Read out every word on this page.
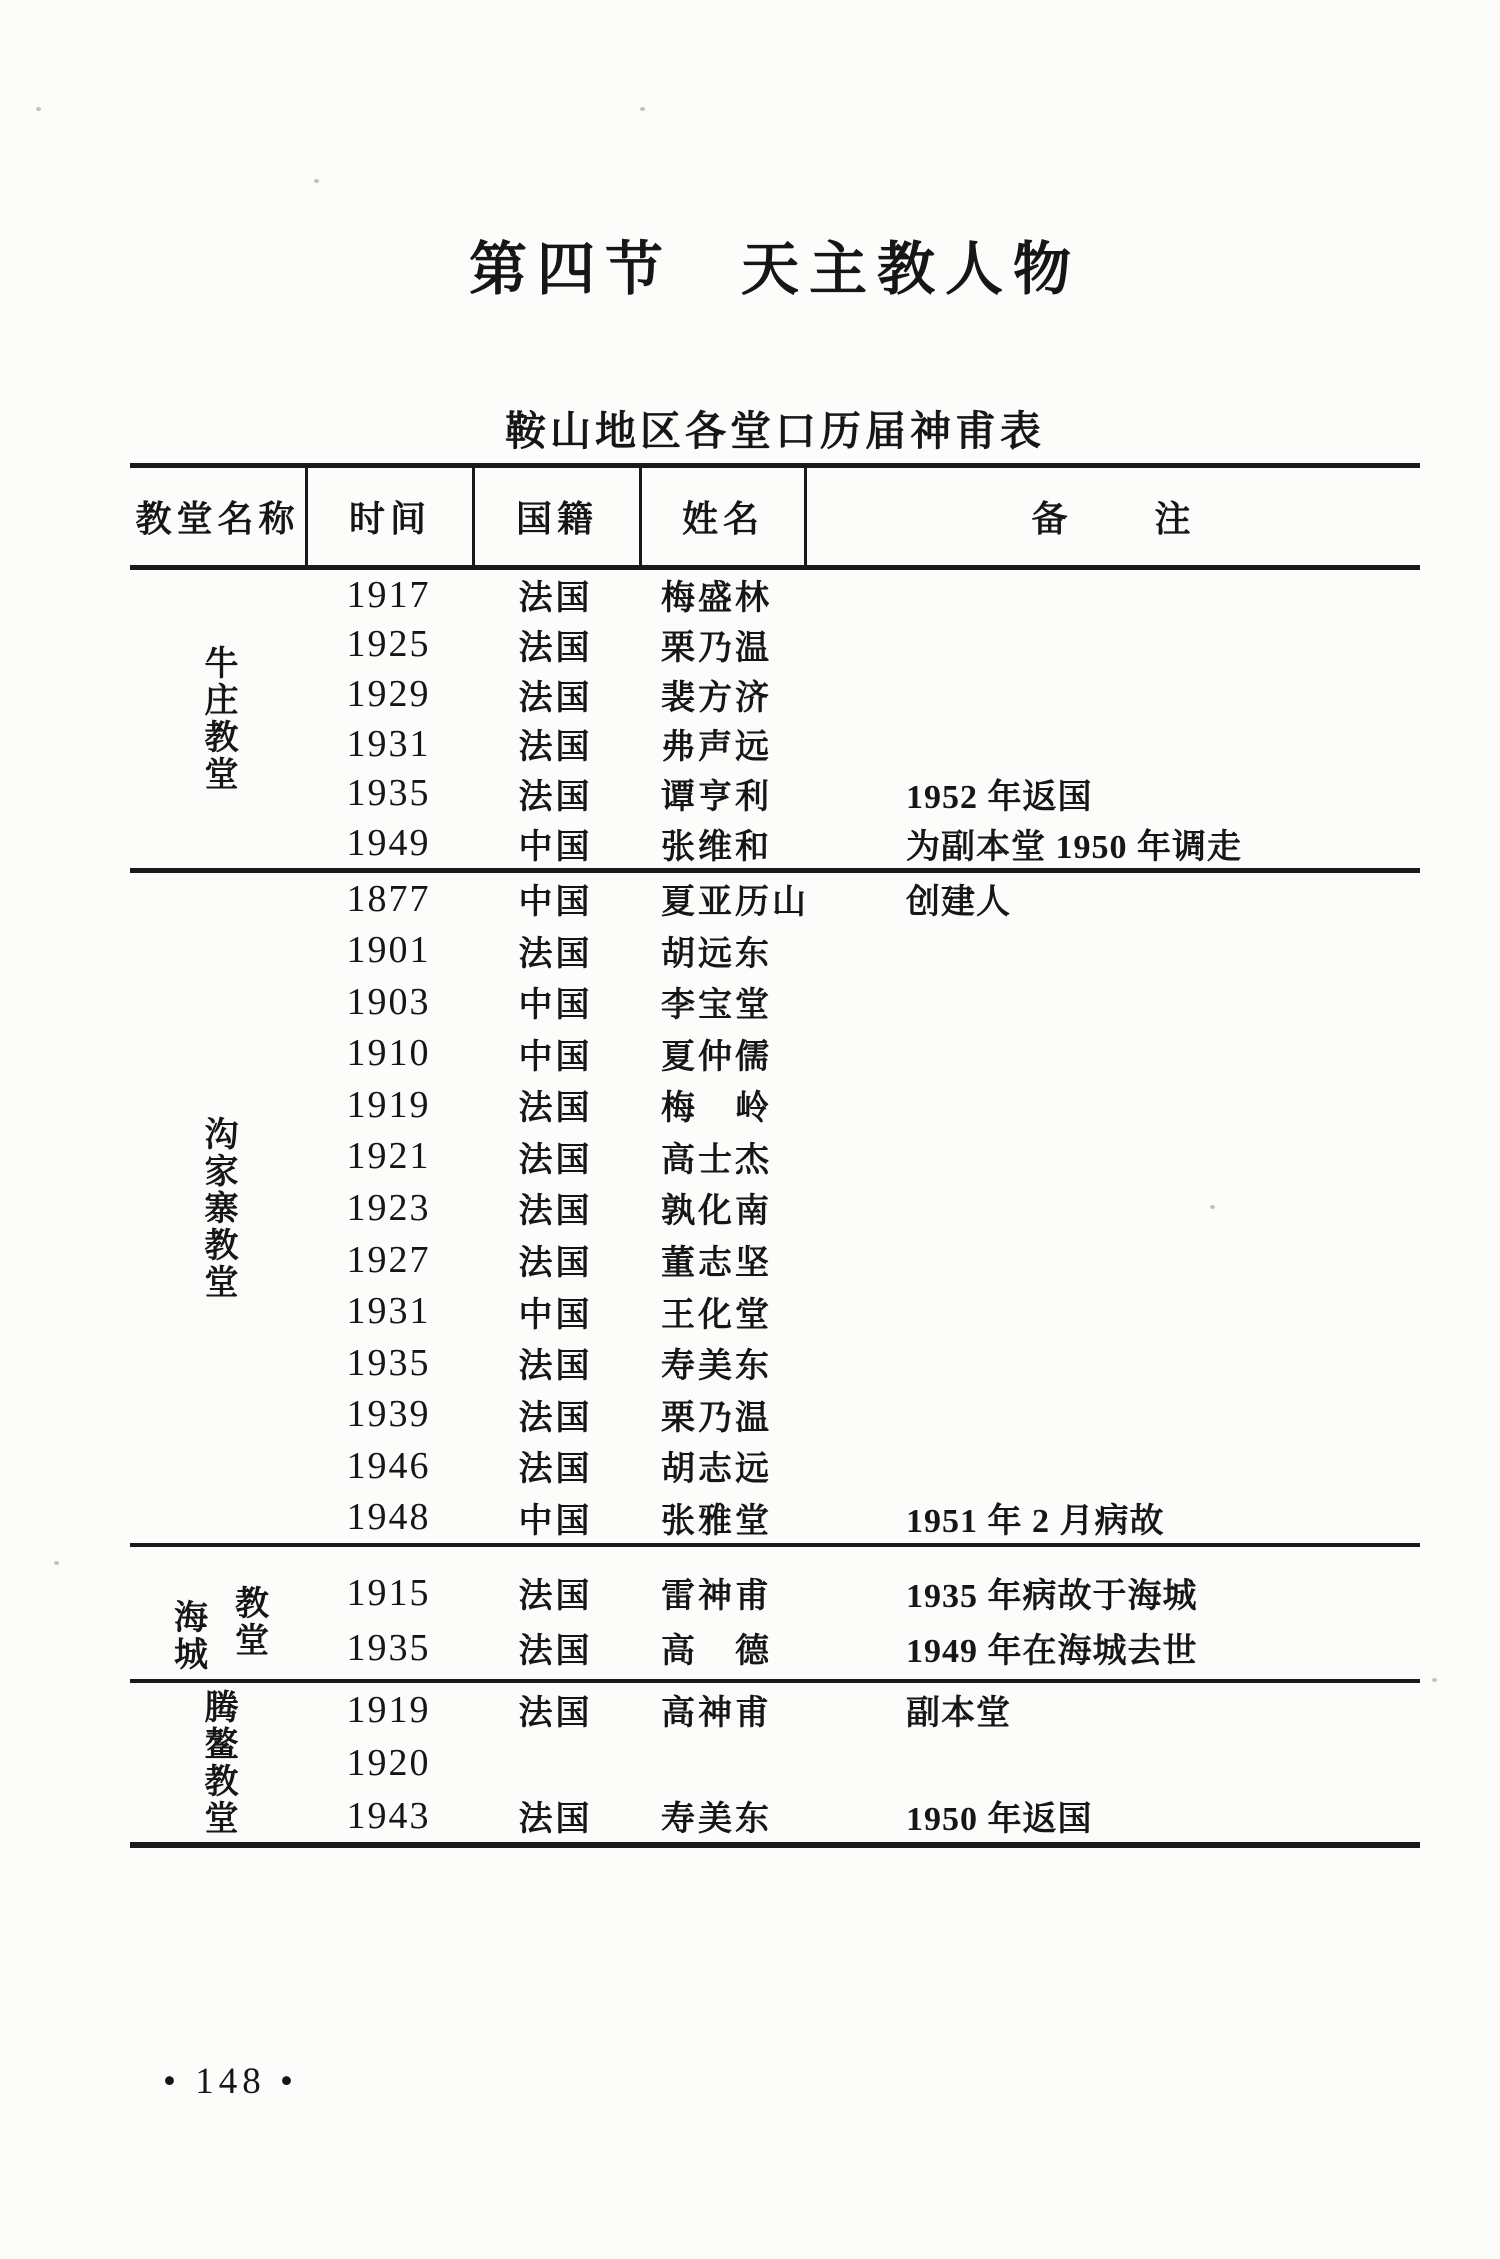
第四节　天主教人物
鞍山地区各堂口历届神甫表
教堂名称	时间	国籍	姓名	备　　注
牛庄教堂
1917	法国	梅盛林
1925	法国	栗乃温
1929	法国	裴方济
1931	法国	弗声远
1935	法国	谭亨利	1952 年返国
1949	中国	张维和	为副本堂 1950 年调走
沟家寨教堂
1877	中国	夏亚历山	创建人
1901	法国	胡远东
1903	中国	李宝堂
1910	中国	夏仲儒
1919	法国	梅　岭
1921	法国	高士杰
1923	法国	孰化南
1927	法国	董志坚
1931	中国	王化堂
1935	法国	寿美东
1939	法国	栗乃温
1946	法国	胡志远
1948	中国	张雅堂	1951 年 2 月病故
海城 教堂	1915	法国	雷神甫	1935 年病故于海城
1935	法国	高　德	1949 年在海城去世
腾鳌教堂	1919	法国	高神甫	副本堂
1920
1943	法国	寿美东	1950 年返国
• 148 •
